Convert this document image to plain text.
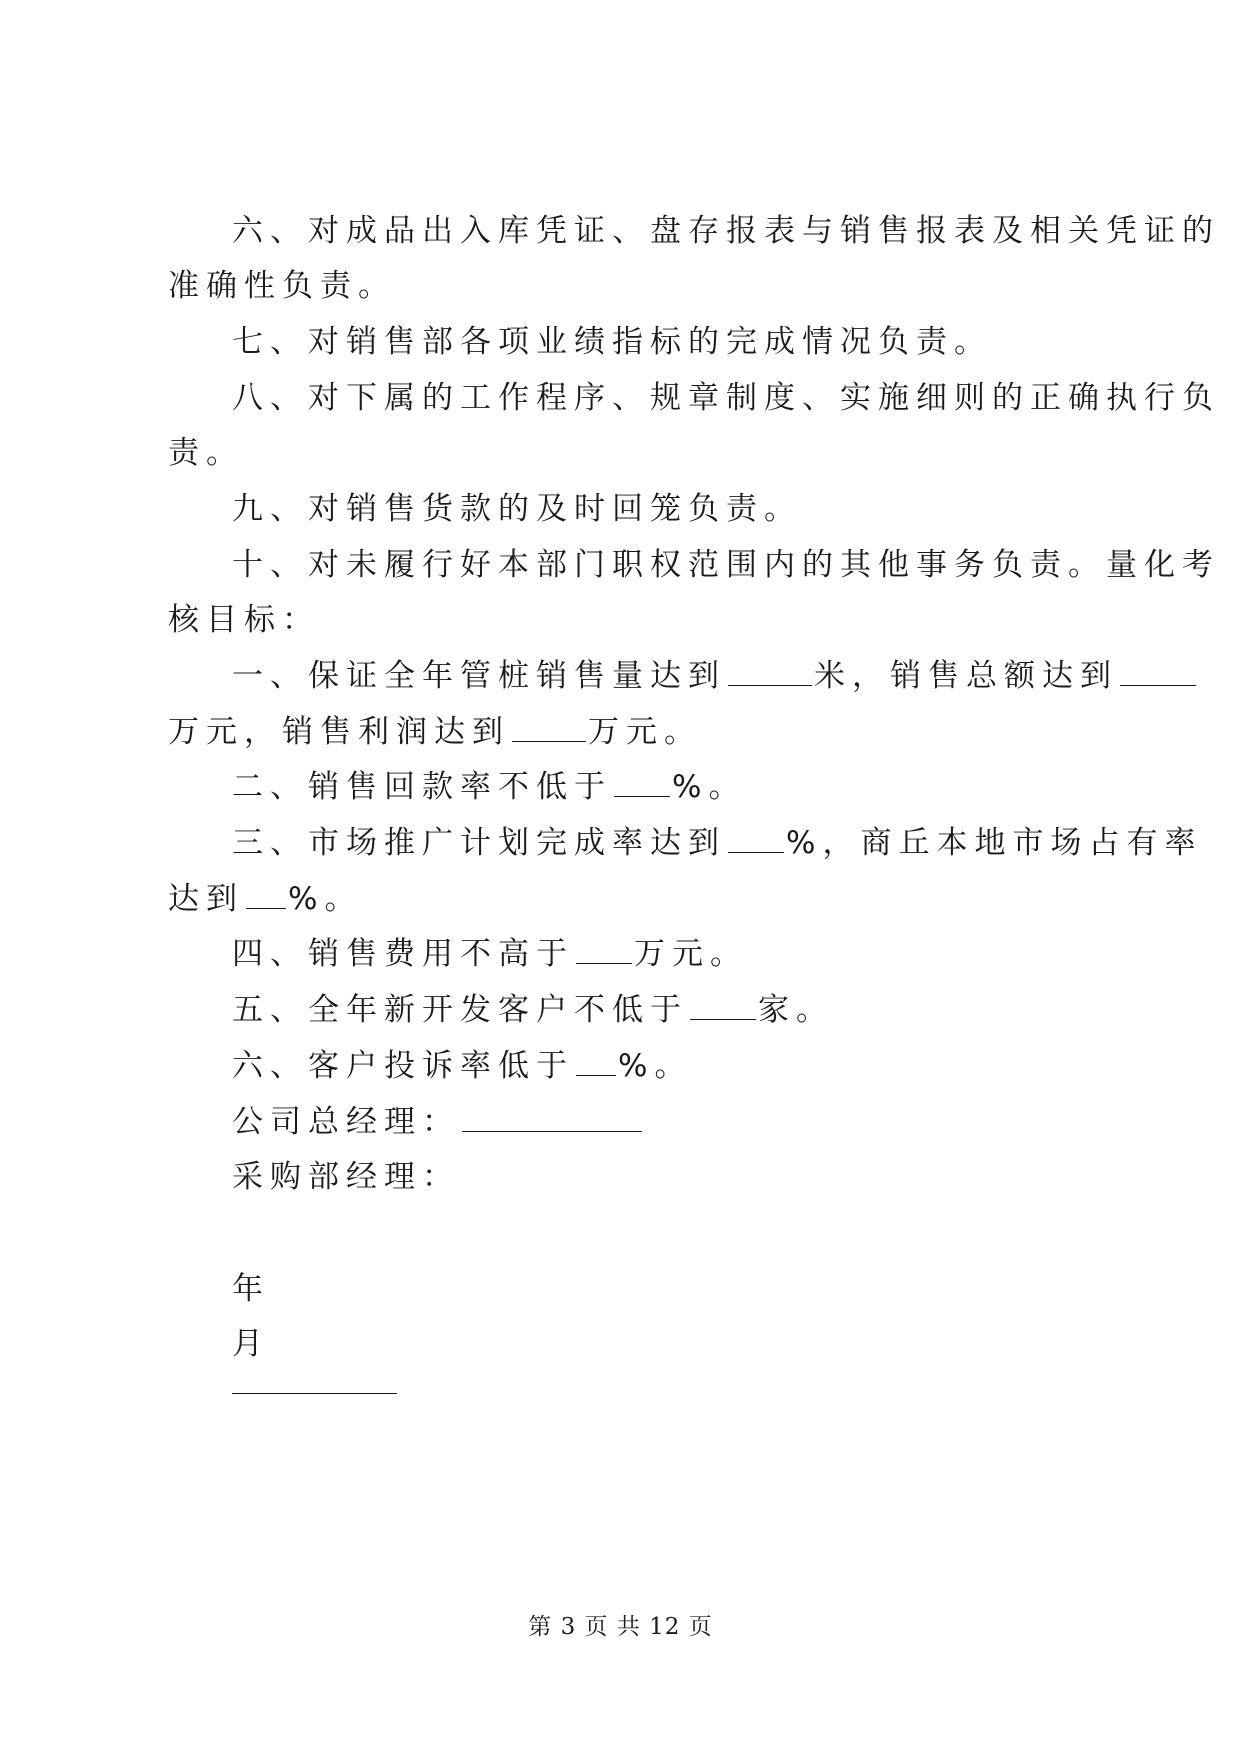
六、对成品出入库凭证、盘存报表与销售报表及相关凭证的
准确性负责。
七、对销售部各项业绩指标的完成情况负责。
八、对下属的工作程序、规章制度、实施细则的正确执行负
责。
九、对销售货款的及时回笼负责。
十、对未履行好本部门职权范围内的其他事务负责。量化考
核目标：
一、保证全年管桩销售量达到	米，销售总额达到
万元，销售利润达到	万元。
二、销售回款率不低于 %。
三、市场推广计划完成率达到 %，商丘本地市场占有率
达到 %。
四、销售费用不高于 万元。
五、全年新开发客户不低于 家。
六、客户投诉率低于 %。
公司总经理：
采购部经理：
年
月
第 3 页 共 12 页
